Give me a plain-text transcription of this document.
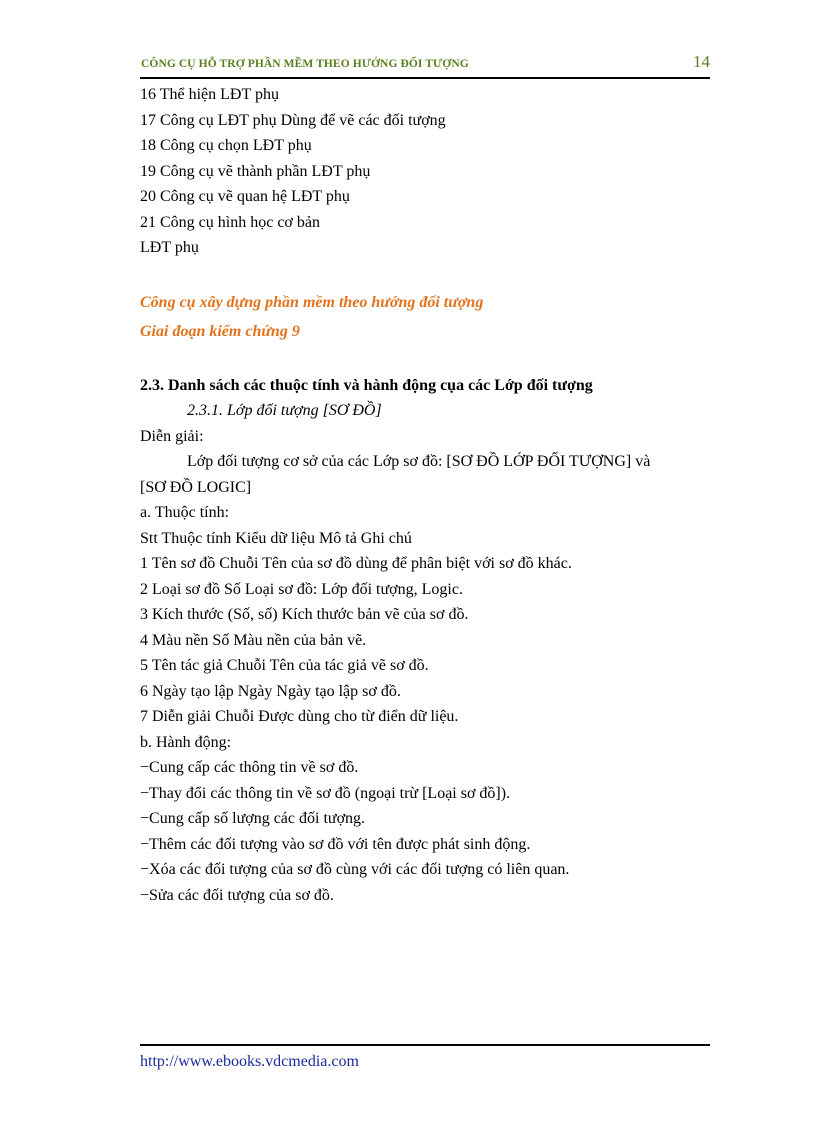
CÔNG CỤ HỖ TRỢ PHẦN MỀM THEO HƯỚNG ĐỐI TƯỢNG	14
16 Thể hiện LĐT phụ
17 Công cụ LĐT phụ Dùng để vẽ các đối tượng
18 Công cụ chọn LĐT phụ
19 Công cụ vẽ thành phần LĐT phụ
20 Công cụ vẽ quan hệ LĐT phụ
21 Công cụ hình học cơ bản
LĐT phụ
Công cụ xây dựng phần mềm theo hướng đối tượng
Giai đoạn kiểm chứng 9
2.3. Danh sách các thuộc tính và hành động cụa các Lớp đối tượng
2.3.1. Lớp đối tượng [SƠ ĐỒ]
Diễn giải:
Lớp đối tượng cơ sở của các Lớp sơ đồ: [SƠ ĐỒ LỚP ĐỐI TƯỢNG] và
[SƠ ĐỒ LOGIC]
a. Thuộc tính:
Stt Thuộc tính Kiểu dữ liệu Mô tả Ghi chú
1 Tên sơ đồ Chuỗi Tên của sơ đồ dùng để phân biệt với sơ đồ khác.
2 Loại sơ đồ Số Loại sơ đồ: Lớp đối tượng, Logic.
3 Kích thước (Số, số) Kích thước bản vẽ của sơ đồ.
4 Màu nền Số Màu nền của bản vẽ.
5 Tên tác giả Chuỗi Tên của tác giả vẽ sơ đồ.
6 Ngày tạo lập Ngày Ngày tạo lập sơ đồ.
7 Diễn giải Chuỗi Được dùng cho từ điển dữ liệu.
b. Hành động:
−Cung cấp các thông tin về sơ đồ.
−Thay đổi các thông tin về sơ đồ (ngoại trừ [Loại sơ đồ]).
−Cung cấp số lượng các đối tượng.
−Thêm các đối tượng vào sơ đồ với tên được phát sinh động.
−Xóa các đối tượng của sơ đồ cùng với các đối tượng có liên quan.
−Sửa các đối tượng của sơ đồ.
http://www.ebooks.vdcmedia.com
